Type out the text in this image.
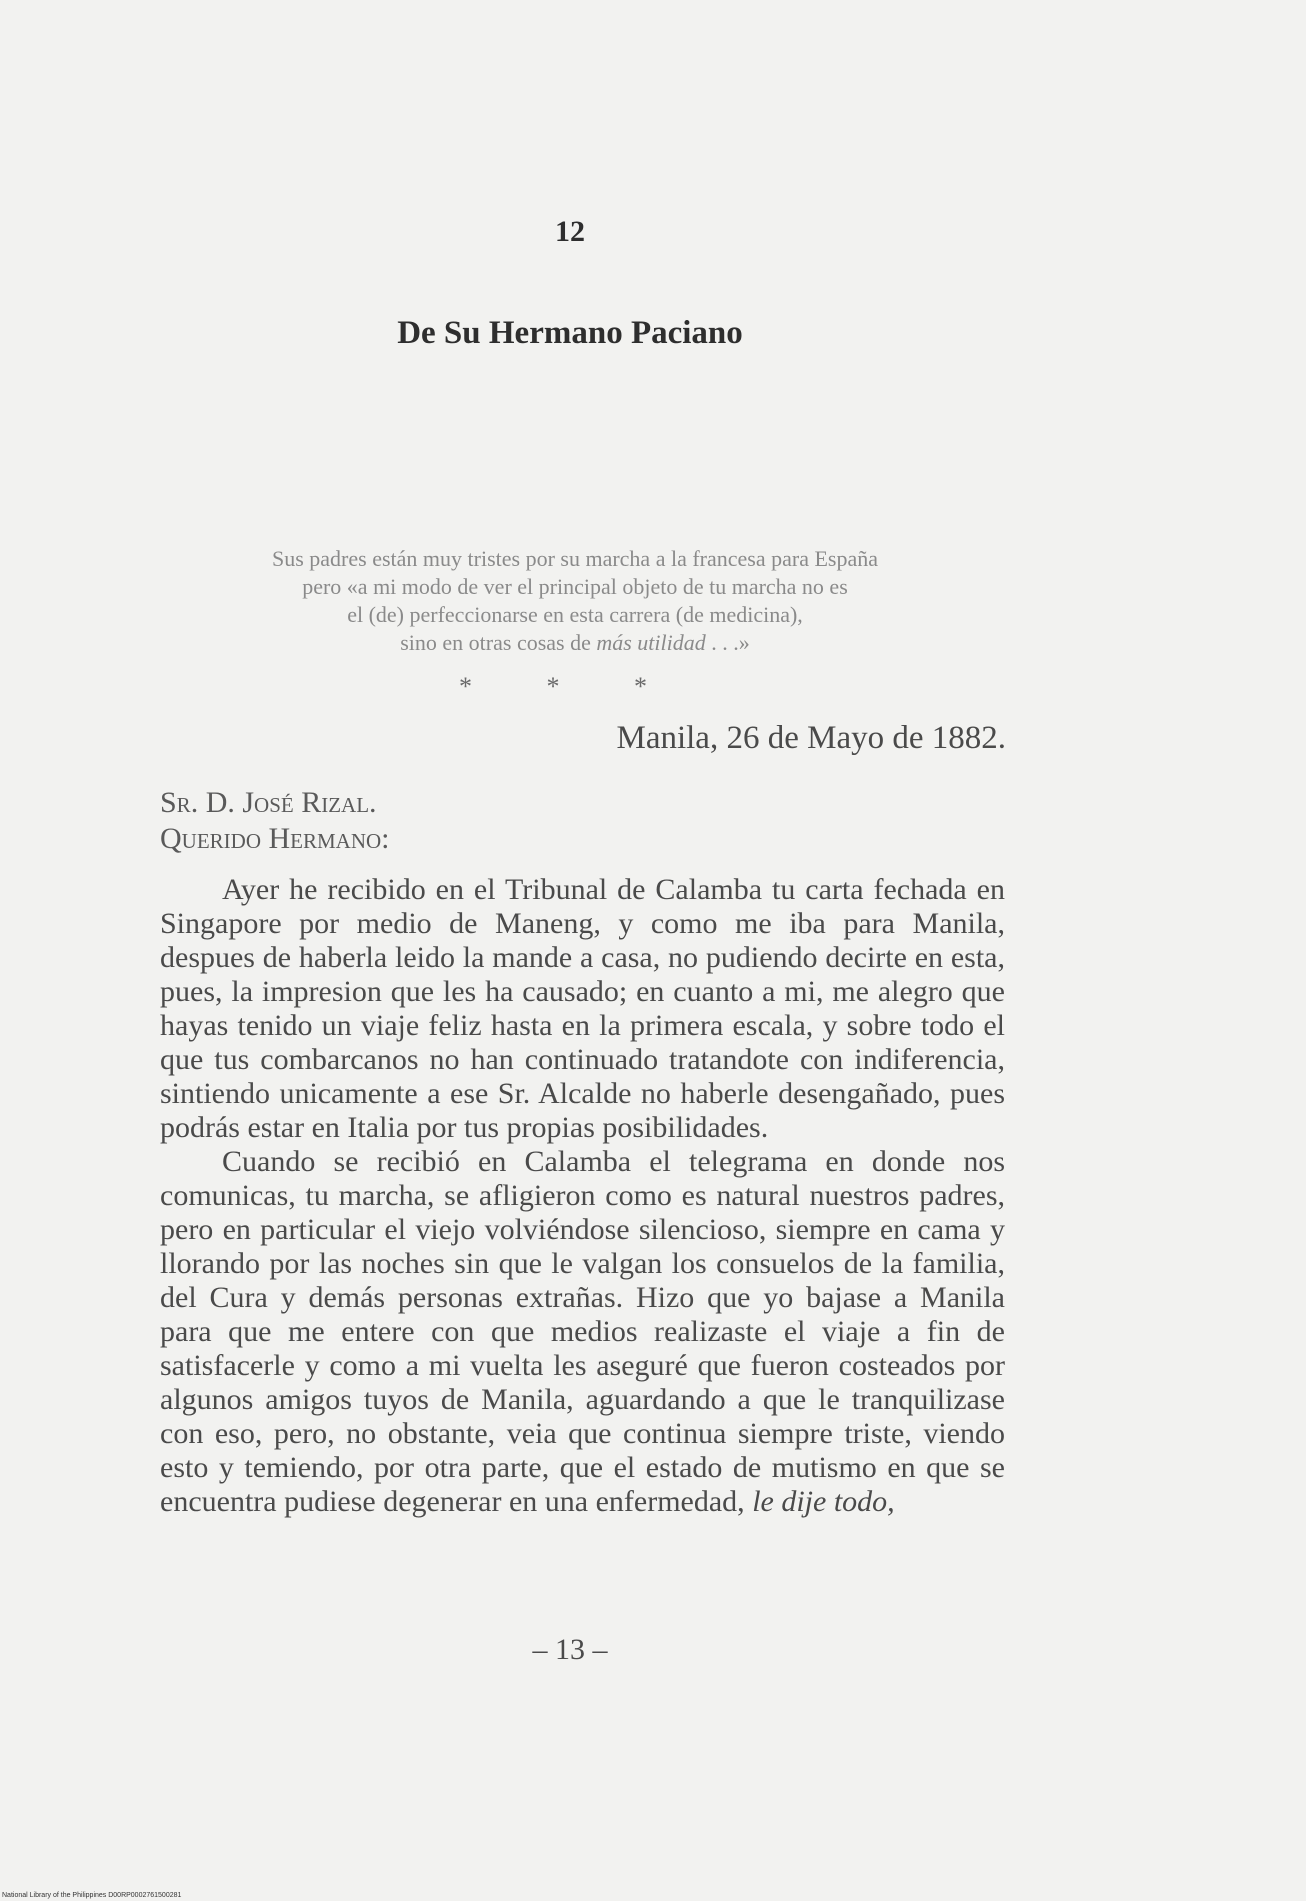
12
De Su Hermano Paciano
Sus padres están muy tristes por su marcha a la francesa para España
pero «a mi modo de ver el principal objeto de tu marcha no es
el (de) perfeccionarse en esta carrera (de medicina),
sino en otras cosas de más utilidad . . .»
* * *
Manila, 26 de Mayo de 1882.
Sr. D. José Rizal.
Querido Hermano:

Ayer he recibido en el Tribunal de Calamba tu carta fechada en Singapore por medio de Maneng, y como me iba para Manila, despues de haberla leido la mande a casa, no pudiendo decirte en esta, pues, la impresion que les ha causado; en cuanto a mi, me alegro que hayas tenido un viaje feliz hasta en la primera escala, y sobre todo el que tus combarcanos no han continuado tratandote con indiferencia, sintiendo unicamente a ese Sr. Alcalde no haberle desengañado, pues podrás estar en Italia por tus propias posibilidades.

Cuando se recibió en Calamba el telegrama en donde nos comunicas, tu marcha, se afligieron como es natural nuestros padres, pero en particular el viejo volviéndose silencioso, siempre en cama y llorando por las noches sin que le valgan los consuelos de la familia, del Cura y demás personas extrañas. Hizo que yo bajase a Manila para que me entere con que medios realizaste el viaje a fin de satisfacerle y como a mi vuelta les aseguré que fueron costeados por algunos amigos tuyos de Manila, aguardando a que le tranquilizase con eso, pero, no obstante, veia que continua siempre triste, viendo esto y temiendo, por otra parte, que el estado de mutismo en que se encuentra pudiese degenerar en una enfermedad, le dije todo,

– 13 –
National Library of the Philippines D00RP0002761500281
